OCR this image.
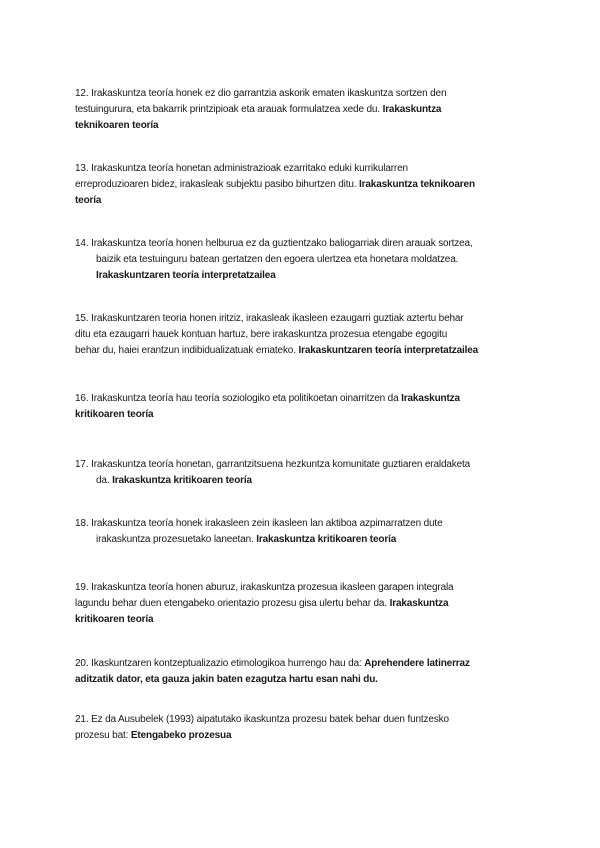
12. Irakaskuntza teoría honek ez dio garrantzia askorik ematen ikaskuntza sortzen den
testuingururа, eta bakarrik printzipioak eta arauak formulatzea xede du. Irakaskuntza
teknikoaren teoría
13. Irakaskuntza teoría honetan administrazioak ezarritako eduki kurrikularren
erreproduzioaren bidez, irakasleak subjektu pasibo bihurtzen ditu. Irakaskuntza teknikoaren
teoría
14. Irakaskuntza teoría honen helburua ez da guztientzako baliogarriak diren arauak sortzea,
baizik eta testuinguru batean gertatzen den egoera ulertzea eta honetara moldatzea.
Irakaskuntzaren teoría interpretatzailea
15. Irakaskuntzaren teoria honen iritziz, irakasleak ikasleen ezaugarri guztiak aztertu behar
ditu eta ezaugarri hauek kontuan hartuz, bere irakaskuntza prozesua etengabe egogitu
behar du, haiei erantzun indibidualizatuak emateko. Irakaskuntzaren teoría interpretatzailea
16. Irakaskuntza teoría hau teoría soziologiko eta politikoetan oinarritzen da Irakaskuntza
kritikoaren teoría
17. Irakaskuntza teoría honetan, garrantzitsuena hezkuntza komunitate guztiaren eraldaketa
da. Irakaskuntza kritikoaren teoría
18. Irakaskuntza teoría honek irakasleen zein ikasleen lan aktiboa azpimarratzen dute
irakaskuntza prozesuetako laneetan. Irakaskuntza kritikoaren teoría
19. Irakaskuntza teoría honen aburuz, irakaskuntza prozesua ikasleen garapen integrala
lagundu behar duen etengabeko orientazio prozesu gisa ulertu behar da. Irakaskuntza
kritikoaren teoría
20. Ikaskuntzaren kontzeptualizazio etimologikoa hurrengo hau da: Aprehendere latinerraz
aditzatik dator, eta gauza jakin baten ezagutza hartu esan nahi du.
21. Ez da Ausubelek (1993) aipatutako ikaskuntza prozesu batek behar duen funtzesko
prozesu bat: Etengabeko prozesua
